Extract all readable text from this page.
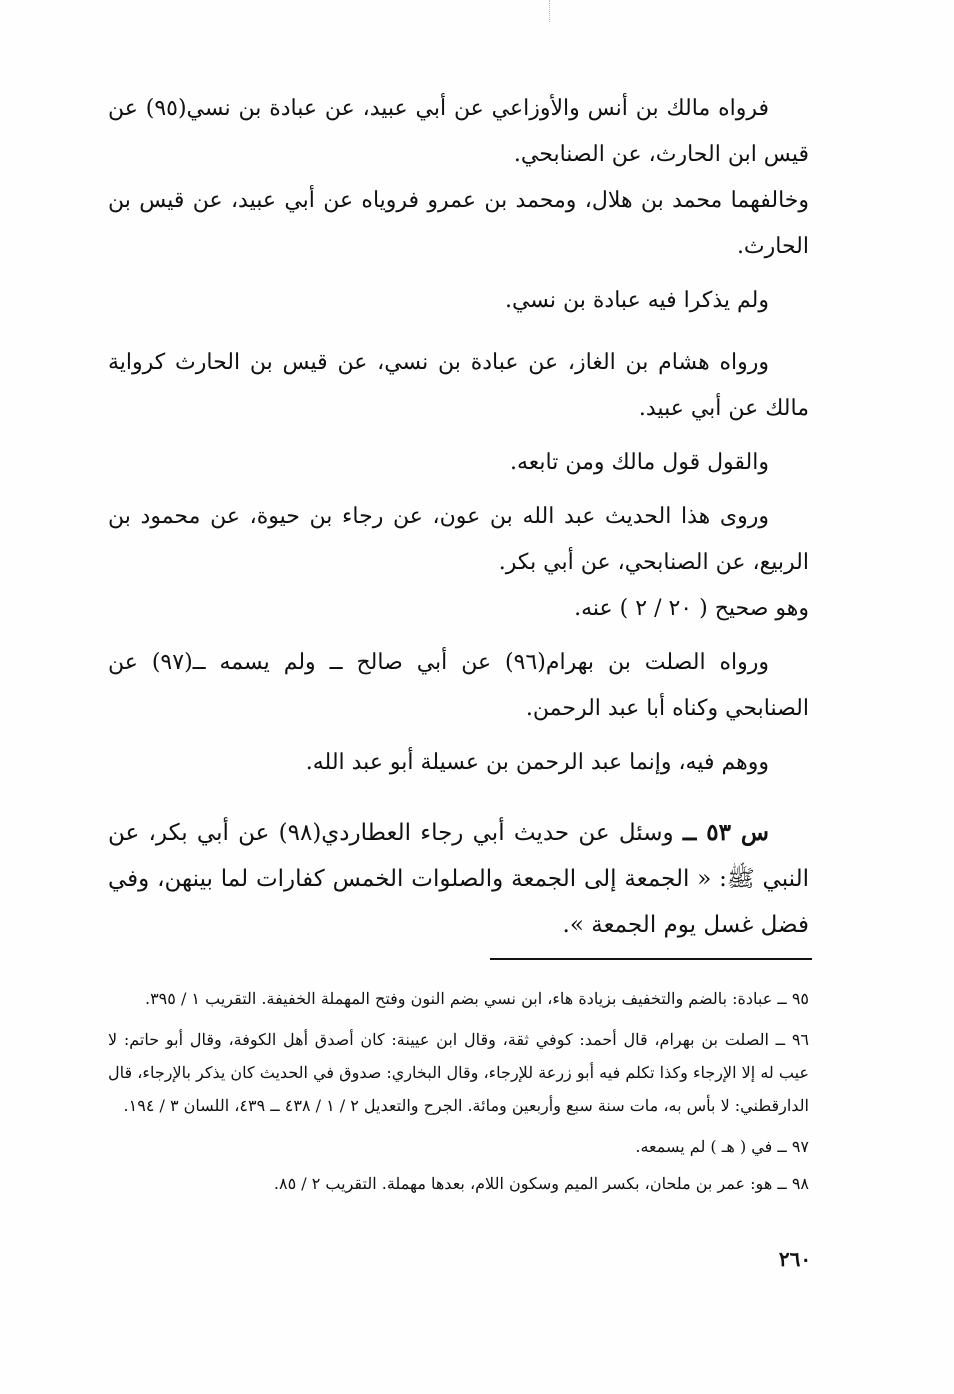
فرواه مالك بن أنس والأوزاعي عن أبي عبيد، عن عبادة بن نسي(٩٥) عن قيس ابن الحارث، عن الصنابحي.

وخالفهما محمد بن هلال، ومحمد بن عمرو فروياه عن أبي عبيد، عن قيس بن الحارث.

ولم يذكرا فيه عبادة بن نسي.

ورواه هشام بن الغاز، عن عبادة بن نسي، عن قيس بن الحارث كرواية مالك عن أبي عبيد.

والقول قول مالك ومن تابعه.

وروى هذا الحديث عبد الله بن عون، عن رجاء بن حيوة، عن محمود بن الربيع، عن الصنابحي، عن أبي بكر.

وهو صحيح ( ٢٠ / ٢ ) عنه.

ورواه الصلت بن بهرام(٩٦) عن أبي صالح ــ ولم يسمه ــ(٩٧) عن الصنابحي وكناه أبا عبد الرحمن.

ووهم فيه، وإنما عبد الرحمن بن عسيلة أبو عبد الله.

س ٥٣ ــ وسئل عن حديث أبي رجاء العطاردي(٩٨) عن أبي بكر، عن النبي ﷺ: « الجمعة إلى الجمعة والصلوات الخمس كفارات لما بينهن، وفي فضل غسل يوم الجمعة ».

٩٥ ــ عبادة: بالضم والتخفيف بزيادة هاء، ابن نسي بضم النون وفتح المهملة الخفيفة. التقريب ١ / ٣٩٥.

٩٦ ــ الصلت بن بهرام، قال أحمد: كوفي ثقة، وقال ابن عيينة: كان أصدق أهل الكوفة، وقال أبو حاتم: لا عيب له إلا الإرجاء وكذا تكلم فيه أبو زرعة للإرجاء، وقال البخاري: صدوق في الحديث كان يذكر بالإرجاء، قال الدارقطني: لا بأس به، مات سنة سبع وأربعين ومائة. الجرح والتعديل ٢ / ١ / ٤٣٨ ــ ٤٣٩، اللسان ٣ / ١٩٤.

٩٧ ــ في ( هـ ) لم يسمعه.

٩٨ ــ هو: عمر بن ملحان، بكسر الميم وسكون اللام، بعدها مهملة. التقريب ٢ / ٨٥.

٢٦٠
